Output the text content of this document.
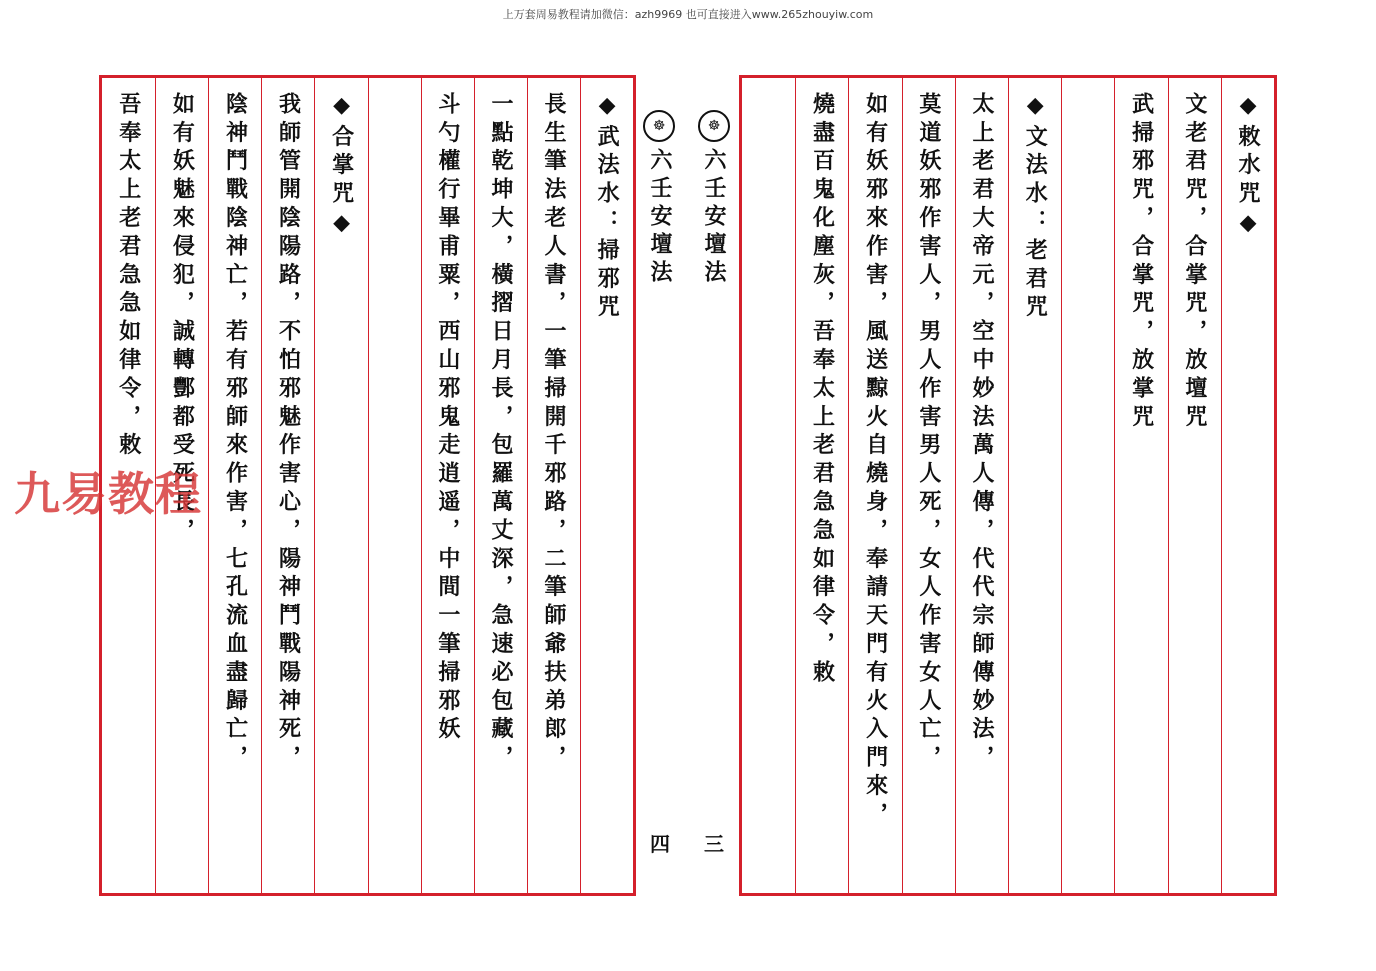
上万套周易教程请加微信：azh9969 也可直接进入www.265zhouyiw.com
吾奉太上老君急急如律令，敕 如有妖魅來侵犯，誠轉酆都受死長， 陰神鬥戰陰神亡，若有邪師來作害，七孔流血盡歸亡， 我師管開陰陽路，不怕邪魅作害心，陽神鬥戰陽神死， ◆合掌咒◆	斗勺權行畢甫粟，西山邪鬼走逍遥，中間一筆掃邪妖 一點乾坤大，橫摺日月長，包羅萬丈深，急速必包藏， 長生筆法老人書，一筆掃開千邪路，二筆師爺扶弟郎， ◆武法水：掃邪咒	燒盡百鬼化塵灰，吾奉太上老君急急如律令，敕 如有妖邪來作害，風送黥火自燒身，奉請天門有火入門來， 莫道妖邪作害人，男人作害男人死，女人作害女人亡， 太上老君大帝元，空中妙法萬人傳，代代宗師傳妙法， ◆文法水：老君咒	武掃邪咒，合掌咒，放掌咒 文老君咒，合掌咒，放壇咒 ◆敕水咒◆
☸	☸
六壬安壇法 六壬安壇法
四 三
九易教程
